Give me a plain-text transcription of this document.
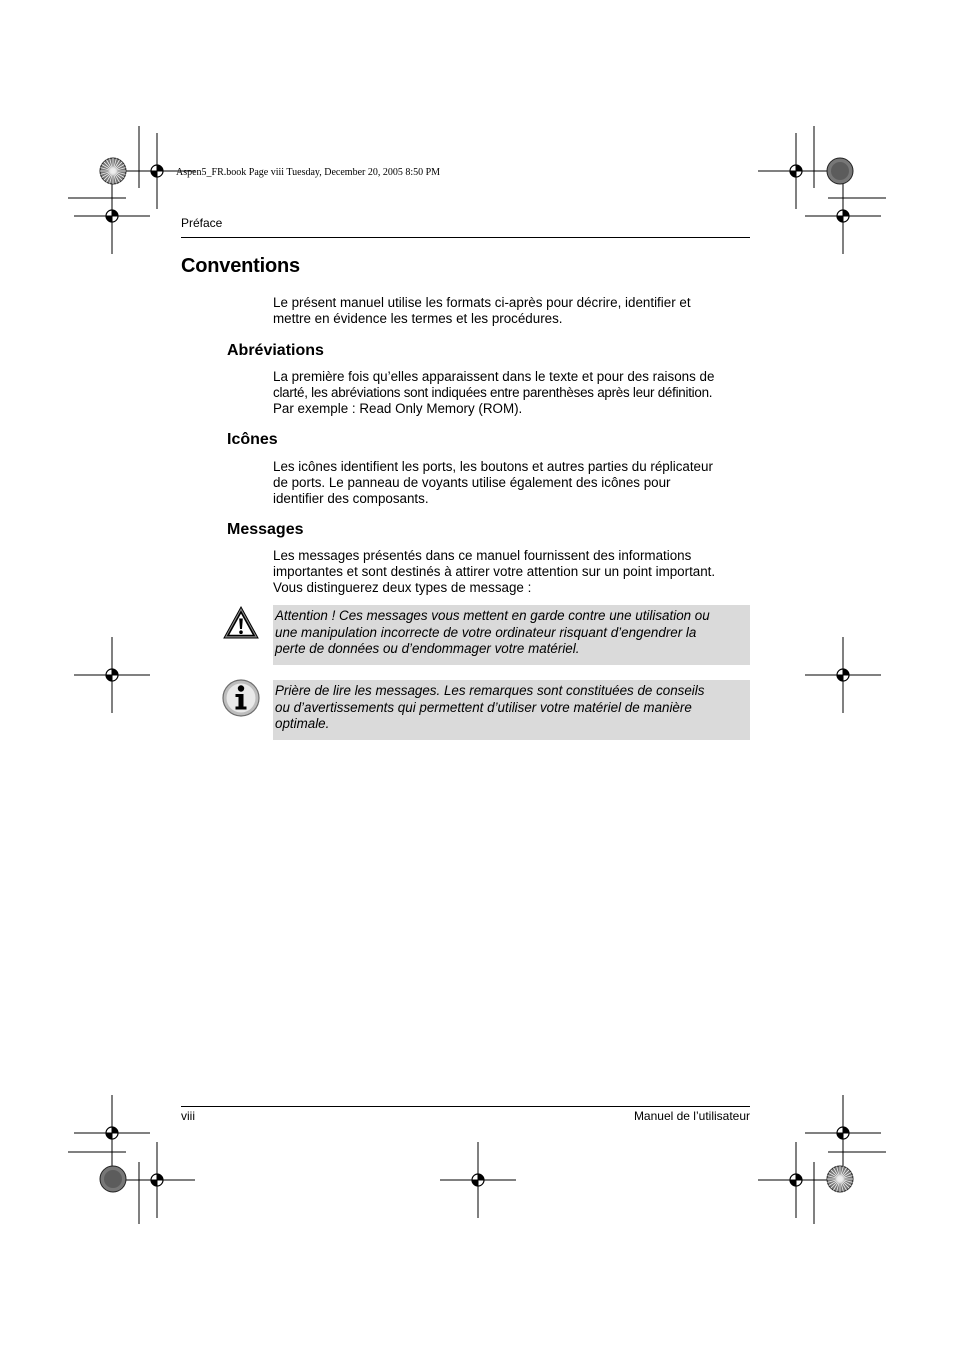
Aspen5_FR.book Page viii Tuesday, December 20, 2005 8:50 PM
Préface
Conventions
Le présent manuel utilise les formats ci-après pour décrire, identifier et
mettre en évidence les termes et les procédures.
Abréviations
La première fois qu’elles apparaissent dans le texte et pour des raisons de
clarté, les abréviations sont indiquées entre parenthèses après leur définition.
Par exemple : Read Only Memory (ROM).
Icônes
Les icônes identifient les ports, les boutons et autres parties du réplicateur
de ports. Le panneau de voyants utilise également des icônes pour
identifier des composants.
Messages
Les messages présentés dans ce manuel fournissent des informations
importantes et sont destinés à attirer votre attention sur un point important.
Vous distinguerez deux types de message :
Attention ! Ces messages vous mettent en garde contre une utilisation ou
une manipulation incorrecte de votre ordinateur risquant d’engendrer la
perte de données ou d’endommager votre matériel.
Prière de lire les messages. Les remarques sont constituées de conseils
ou d’avertissements qui permettent d’utiliser votre matériel de manière
optimale.
viii	Manuel de l’utilisateur
